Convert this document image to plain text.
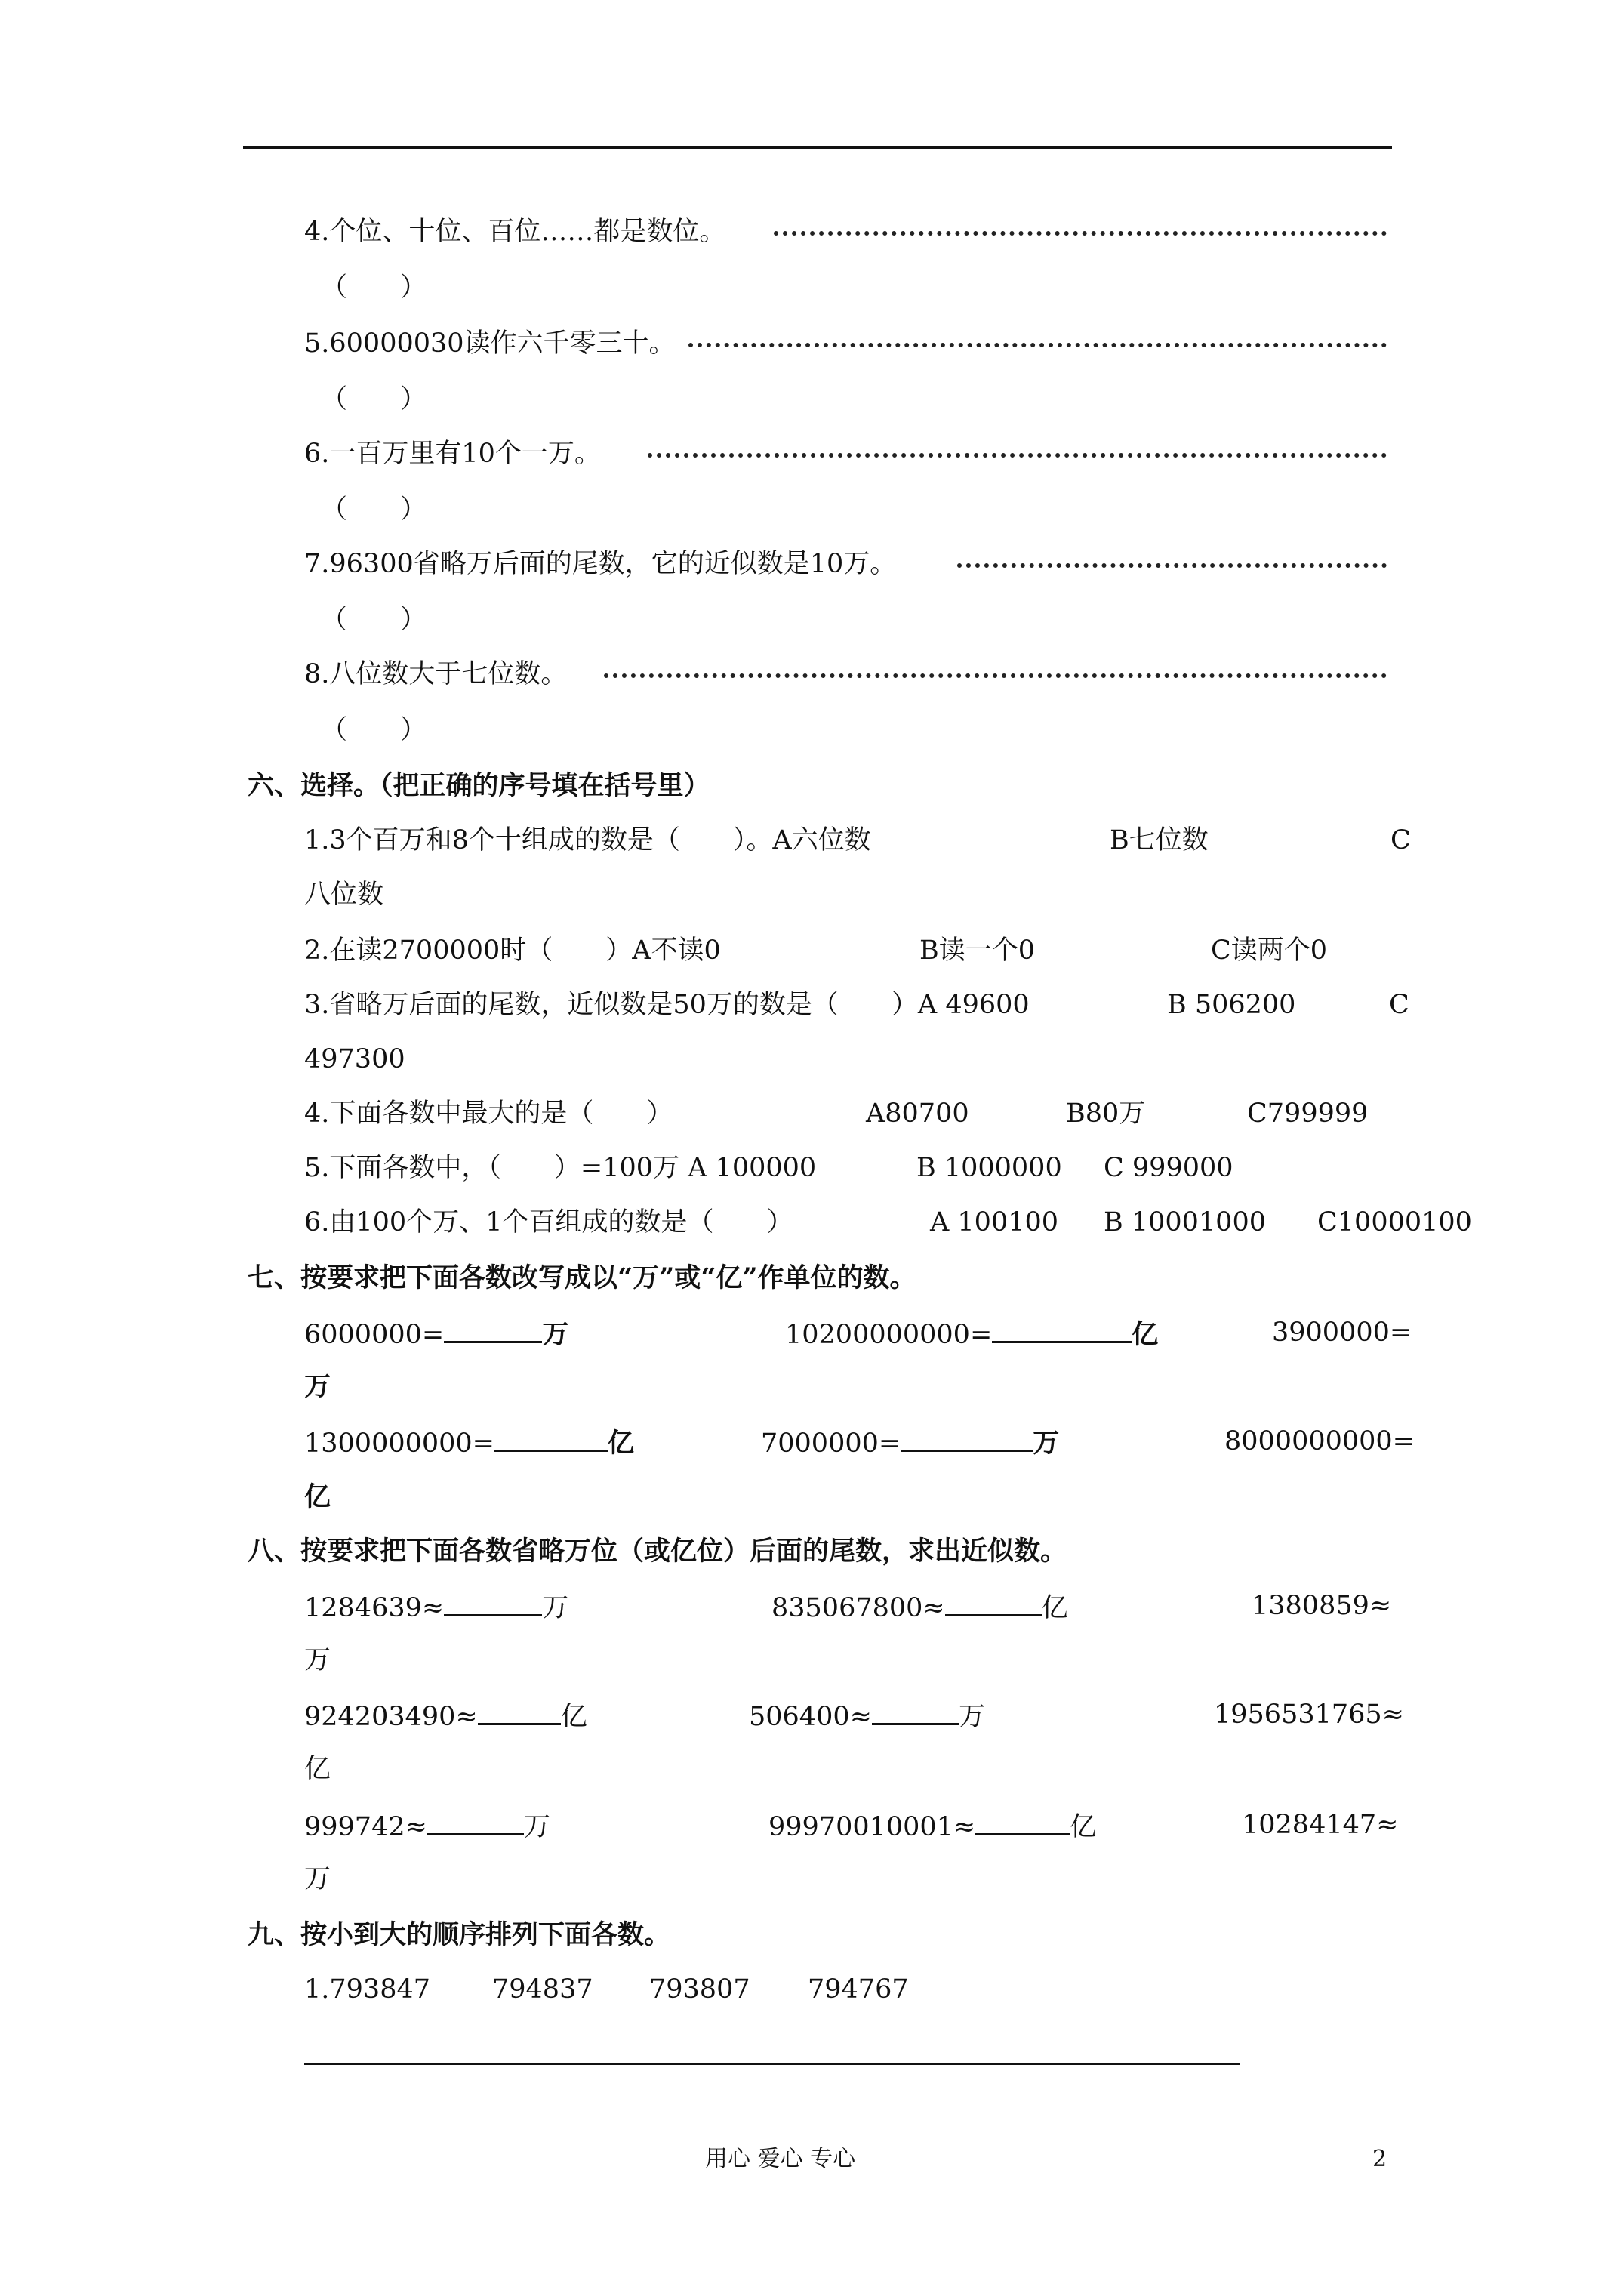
4.个位、十位、百位……都是数位。
（　　）
5.60000030读作六千零三十。
（　　）
6.一百万里有10个一万。
（　　）
7.96300省略万后面的尾数，它的近似数是10万。
（　　）
8.八位数大于七位数。
（　　）
六、选择。（把正确的序号填在括号里）
1.3个百万和8个十组成的数是（　　）。A六位数	B七位数	C
八位数
2.在读2700000时（　　）A不读0	B读一个0	C读两个0
3.省略万后面的尾数，近似数是50万的数是（　　）A 49600	B 506200	C
497300
4.下面各数中最大的是（　　）	A80700	B80万	C799999
5.下面各数中，（　　）=100万 A 100000	B 1000000 C 999000
6.由100个万、1个百组成的数是（　　）	A 100100 B 10001000 C10000100
七、按要求把下面各数改写成以“万”或“亿”作单位的数。
6000000=	万	10200000000=	亿	3900000=
万
1300000000=	亿	7000000=	万	8000000000=
亿
八、按要求把下面各数省略万位（或亿位）后面的尾数，求出近似数。
1284639≈	万	835067800≈	亿	1380859≈
万
924203490≈	亿	506400≈	万	1956531765≈
亿
999742≈	万	99970010001≈	亿	10284147≈
万
九、按小到大的顺序排列下面各数。
1.793847 794837 793807 794767
用心 爱心 专心	2
